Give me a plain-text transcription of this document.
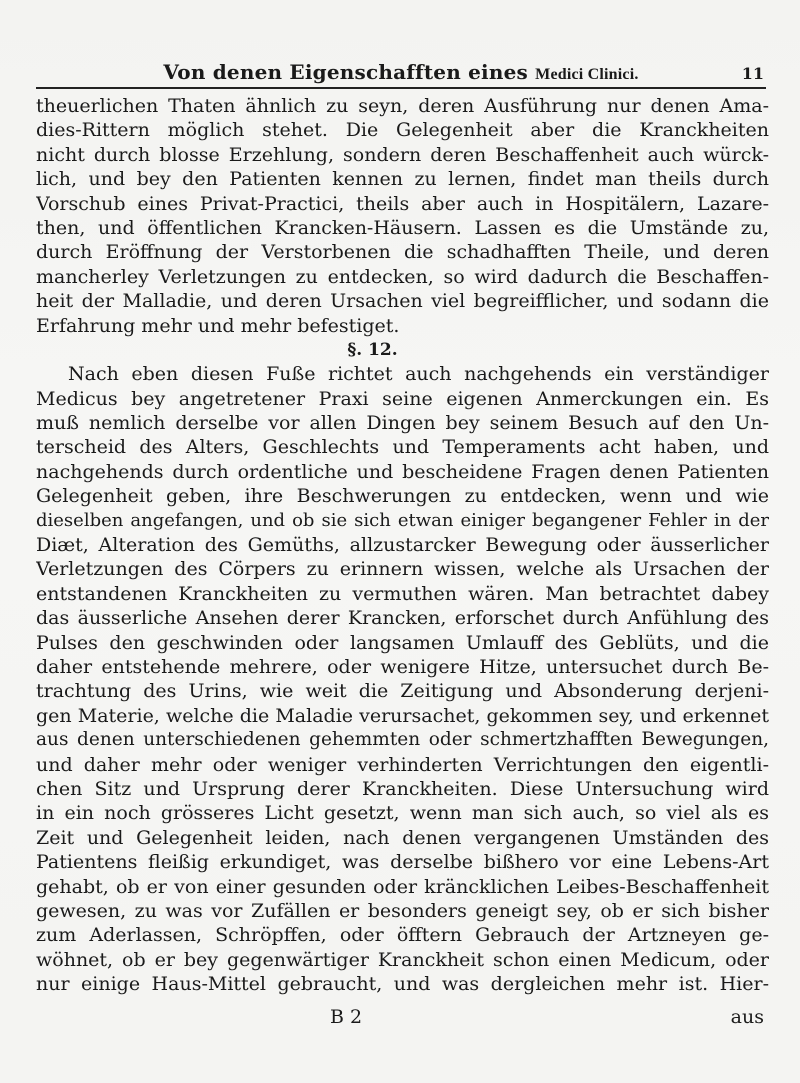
Von denen Eigenschafften eines Medici Clinici.	11
theuerlichen Thaten ähnlich zu seyn, deren Ausführung nur denen Ama-
dies-Rittern möglich stehet. Die Gelegenheit aber die Kranckheiten
nicht durch blosse Erzehlung, sondern deren Beschaffenheit auch würck-
lich, und bey den Patienten kennen zu lernen, findet man theils durch
Vorschub eines Privat-Practici, theils aber auch in Hospitälern, Lazare-
then, und öffentlichen Krancken-Häusern. Lassen es die Umstände zu,
durch Eröffnung der Verstorbenen die schadhafften Theile, und deren
mancherley Verletzungen zu entdecken, so wird dadurch die Beschaffen-
heit der Malladie, und deren Ursachen viel begreifflicher, und sodann die
Erfahrung mehr und mehr befestiget.
§. 12.
Nach eben diesen Fuße richtet auch nachgehends ein verständiger
Medicus bey angetretener Praxi seine eigenen Anmerckungen ein. Es
muß nemlich derselbe vor allen Dingen bey seinem Besuch auf den Un-
terscheid des Alters, Geschlechts und Temperaments acht haben, und
nachgehends durch ordentliche und bescheidene Fragen denen Patienten
Gelegenheit geben, ihre Beschwerungen zu entdecken, wenn und wie
dieselben angefangen, und ob sie sich etwan einiger begangener Fehler in der
Diæt, Alteration des Gemüths, allzustarcker Bewegung oder äusserlicher
Verletzungen des Cörpers zu erinnern wissen, welche als Ursachen der
entstandenen Kranckheiten zu vermuthen wären. Man betrachtet dabey
das äusserliche Ansehen derer Krancken, erforschet durch Anfühlung des
Pulses den geschwinden oder langsamen Umlauff des Geblüts, und die
daher entstehende mehrere, oder wenigere Hitze, untersuchet durch Be-
trachtung des Urins, wie weit die Zeitigung und Absonderung derjeni-
gen Materie, welche die Maladie verursachet, gekommen sey, und erkennet
aus denen unterschiedenen gehemmten oder schmertzhafften Bewegungen,
und daher mehr oder weniger verhinderten Verrichtungen den eigentli-
chen Sitz und Ursprung derer Kranckheiten. Diese Untersuchung wird
in ein noch grösseres Licht gesetzt, wenn man sich auch, so viel als es
Zeit und Gelegenheit leiden, nach denen vergangenen Umständen des
Patientens fleißig erkundiget, was derselbe bißhero vor eine Lebens-Art
gehabt, ob er von einer gesunden oder kräncklichen Leibes-Beschaffenheit
gewesen, zu was vor Zufällen er besonders geneigt sey, ob er sich bisher
zum Aderlassen, Schröpffen, oder öfftern Gebrauch der Artzneyen ge-
wöhnet, ob er bey gegenwärtiger Kranckheit schon einen Medicum, oder
nur einige Haus-Mittel gebraucht, und was dergleichen mehr ist. Hier-
B 2	aus
